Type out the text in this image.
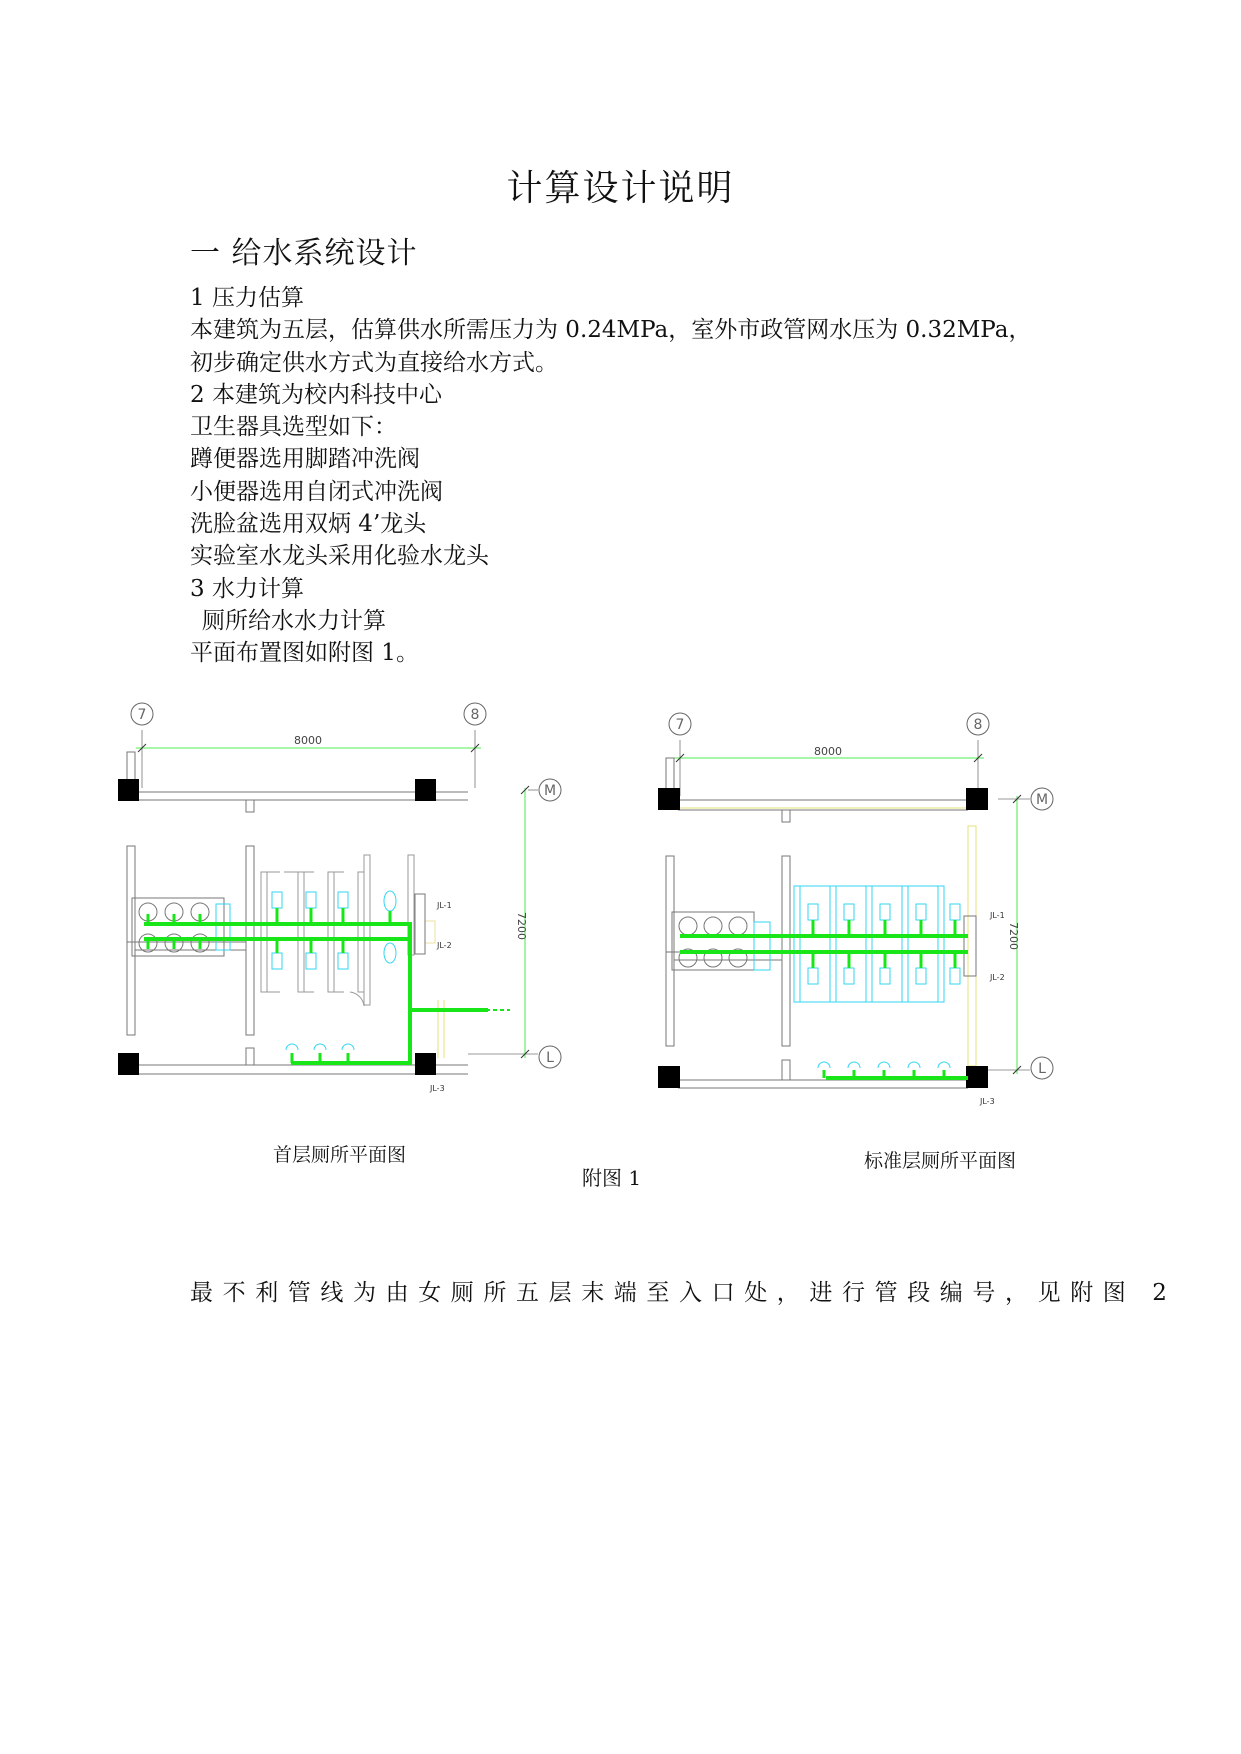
计算设计说明
一 给水系统设计
1 压力估算
本建筑为五层，估算供水所需压力为 0.24MPa，室外市政管网水压为 0.32MPa，
初步确定供水方式为直接给水方式。
2 本建筑为校内科技中心
卫生器具选型如下：
蹲便器选用脚踏冲洗阀
小便器选用自闭式冲洗阀
洗脸盆选用双炳 4’龙头
实验室水龙头采用化验水龙头
3 水力计算
厕所给水水力计算
平面布置图如附图 1。
7	8
M
L
8000
7200
JL-1
JL-2
JL-3
7	8
M
L
8000
7200
JL-1
JL-2
JL-3
首层厕所平面图	标准层厕所平面图
附图 1
最不利管线为由女厕所五层末端至入口处，进行管段编号，见附图 2
